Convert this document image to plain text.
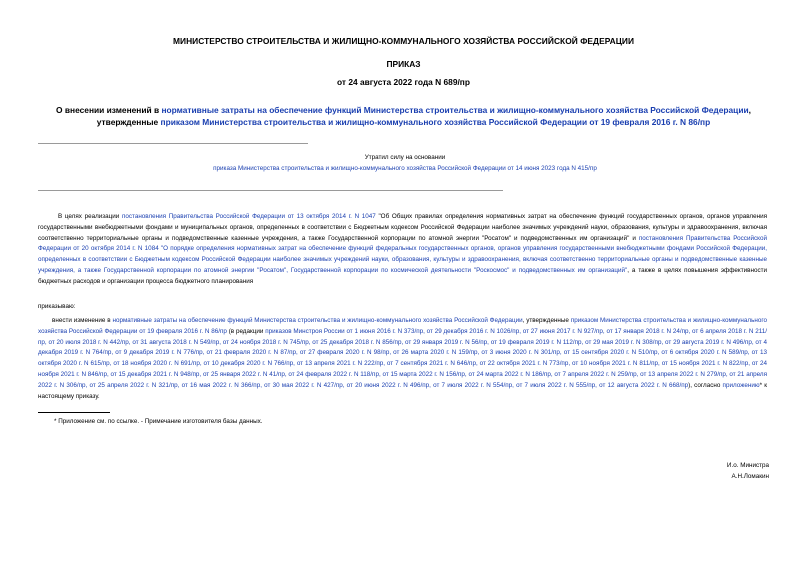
МИНИСТЕРСТВО СТРОИТЕЛЬСТВА И ЖИЛИЩНО-КОММУНАЛЬНОГО ХОЗЯЙСТВА РОССИЙСКОЙ ФЕДЕРАЦИИ
ПРИКАЗ
от 24 августа 2022 года N 689/пр
О внесении изменений в нормативные затраты на обеспечение функций Министерства строительства и жилищно-коммунального хозяйства Российской Федерации, утвержденные приказом Министерства строительства и жилищно-коммунального хозяйства Российской Федерации от 19 февраля 2016 г. N 86/пр
Утратил силу на основании
приказа Министерства строительства и жилищно-коммунального хозяйства Российской Федерации от 14 июня 2023 года N 415/пр
В целях реализации постановления Правительства Российской Федерации от 13 октября 2014 г. N 1047 "Об Общих правилах определения нормативных затрат на обеспечение функций государственных органов, органов управления государственными внебюджетными фондами и муниципальных органов, определенных в соответствии с Бюджетным кодексом Российской Федерации наиболее значимых учреждений науки, образования, культуры и здравоохранения, включая соответственно территориальные органы и подведомственные казенные учреждения, а также Государственной корпорации по атомной энергии "Росатом" и подведомственных им организаций" и постановления Правительства Российской Федерации от 20 октября 2014 г. N 1084 "О порядке определения нормативных затрат на обеспечение функций федеральных государственных органов, органов управления государственными внебюджетными фондами Российской Федерации, определенных в соответствии с Бюджетным кодексом Российской Федерации наиболее значимых учреждений науки, образования, культуры и здравоохранения, включая соответственно территориальные органы и подведомственные казенные учреждения, а также Государственной корпорации по атомной энергии "Росатом", Государственной корпорации по космической деятельности "Роскосмос" и подведомственных им организаций", а также в целях повышения эффективности бюджетных расходов и организации процесса бюджетного планирования
приказываю:
внести изменение в нормативные затраты на обеспечение функций Министерства строительства и жилищно-коммунального хозяйства Российской Федерации, утвержденные приказом Министерства строительства и жилищно-коммунального хозяйства Российской Федерации от 19 февраля 2016 г. N 86/пр (в редакции приказов Минстроя России от 1 июня 2016 г. N 373/пр, от 29 декабря 2016 г. N 1026/пр, от 27 июня 2017 г. N 927/пр, от 17 января 2018 г. N 24/пр, от 6 апреля 2018 г. N 211/пр, от 20 июля 2018 г. N 442/пр, от 31 августа 2018 г. N 549/пр, от 24 ноября 2018 г. N 745/пр, от 25 декабря 2018 г. N 856/пр, от 29 января 2019 г. N 56/пр, от 19 февраля 2019 г. N 112/пр, от 29 мая 2019 г. N 308/пр, от 29 августа 2019 г. N 496/пр, от 4 декабря 2019 г. N 764/пр, от 9 декабря 2019 г. N 776/пр, от 21 февраля 2020 г. N 87/пр, от 27 февраля 2020 г. N 98/пр, от 26 марта 2020 г. N 159/пр, от 3 июня 2020 г. N 301/пр, от 15 сентября 2020 г. N 510/пр, от 6 октября 2020 г. N 589/пр, от 13 октября 2020 г. N 615/пр, от 18 ноября 2020 г. N 691/пр, от 10 декабря 2020 г. N 766/пр, от 13 апреля 2021 г. N 222/пр, от 7 сентября 2021 г. N 646/пр, от 22 октября 2021 г. N 773/пр, от 10 ноября 2021 г. N 811/пр, от 15 ноября 2021 г. N 822/пр, от 24 ноября 2021 г. N 846/пр, от 15 декабря 2021 г. N 948/пр, от 25 января 2022 г. N 41/пр, от 24 февраля 2022 г. N 118/пр, от 15 марта 2022 г. N 156/пр, от 24 марта 2022 г. N 186/пр, от 7 апреля 2022 г. N 259/пр, от 13 апреля 2022 г. N 279/пр, от 21 апреля 2022 г. N 306/пр, от 25 апреля 2022 г. N 321/пр, от 16 мая 2022 г. N 366/пр, от 30 мая 2022 г. N 427/пр, от 20 июня 2022 г. N 496/пр, от 7 июля 2022 г. N 554/пр, от 7 июля 2022 г. N 555/пр, от 12 августа 2022 г. N 668/пр), согласно приложению* к настоящему приказу.
* Приложение см. по ссылке. - Примечание изготовителя базы данных.
И.о. Министра
А.Н.Ломакин
